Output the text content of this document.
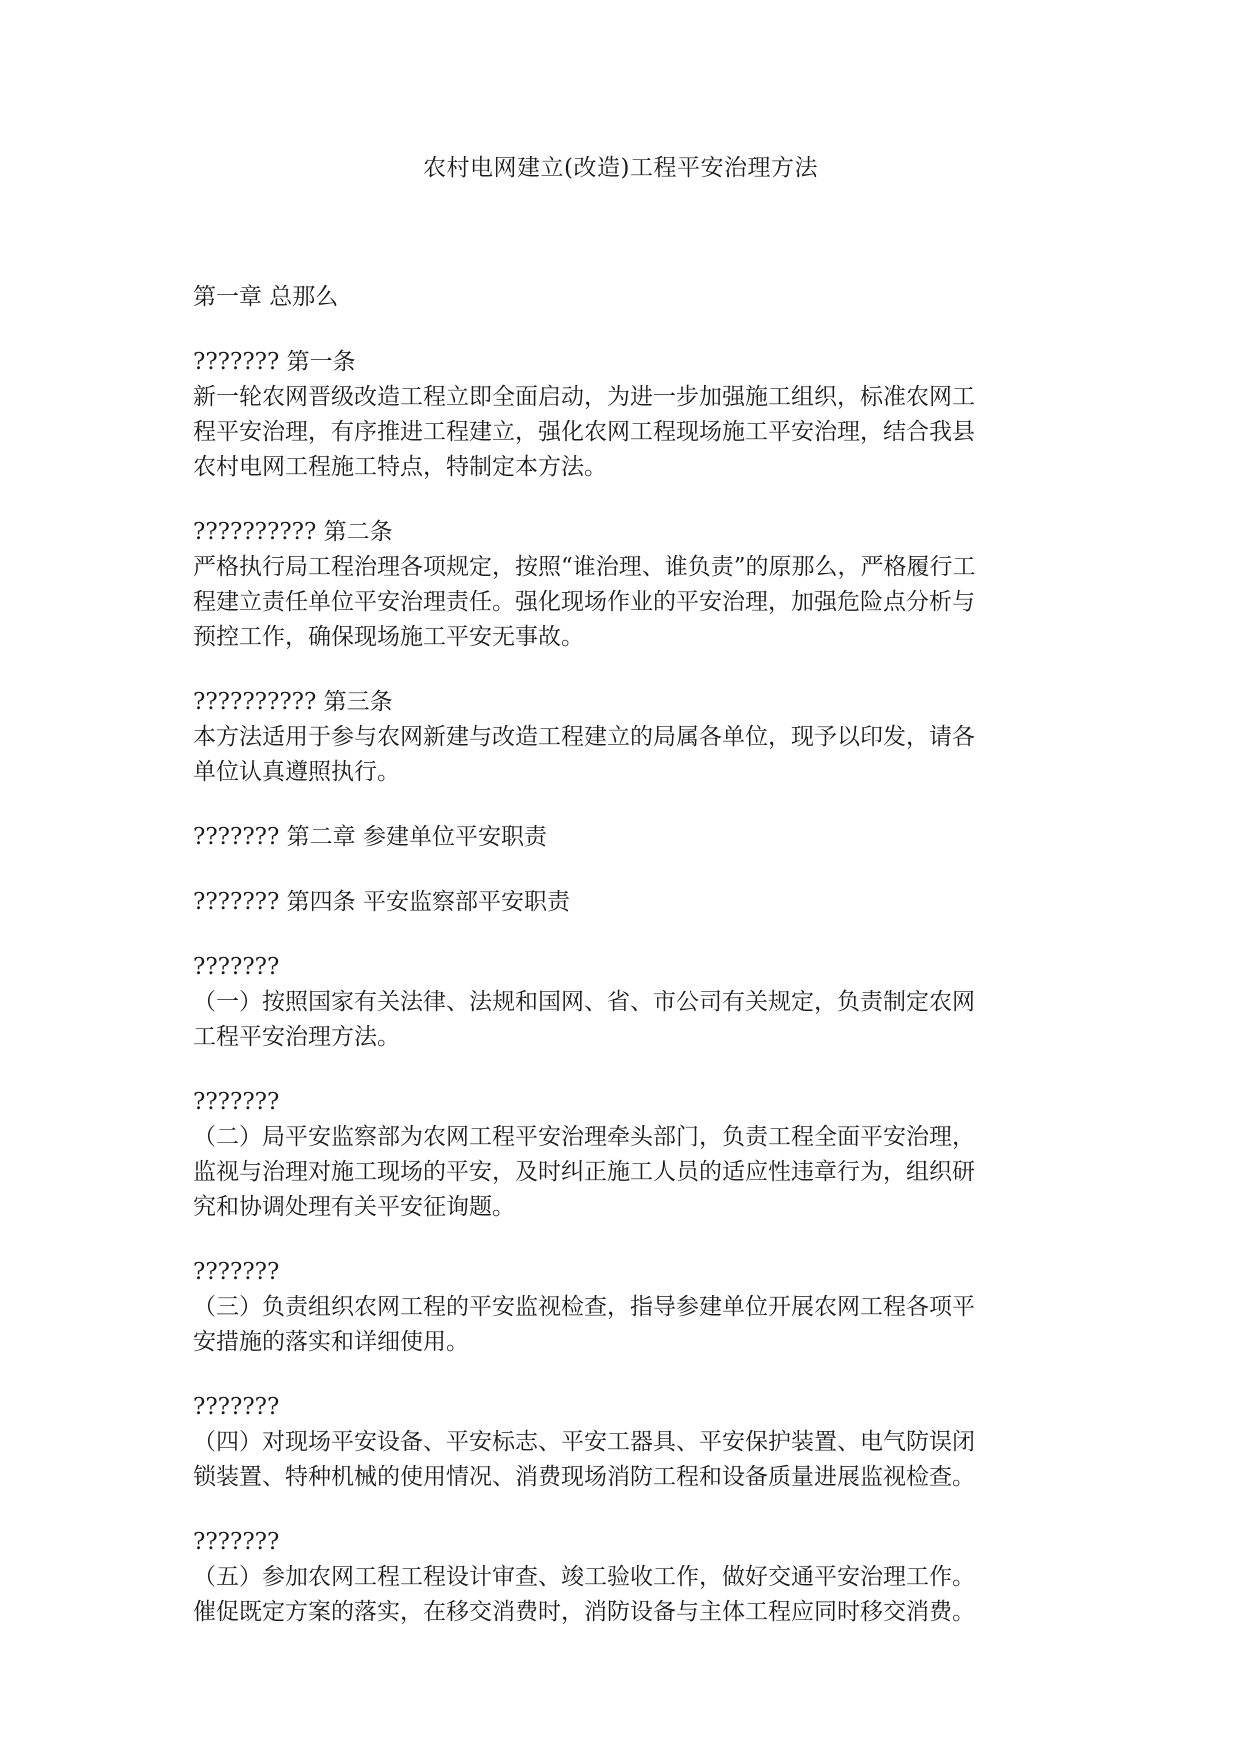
农村电网建立(改造)工程平安治理方法
第一章 总那么
??????? 第一条
新一轮农网晋级改造工程立即全面启动，为进一步加强施工组织，标准农网工
程平安治理，有序推进工程建立，强化农网工程现场施工平安治理，结合我县
农村电网工程施工特点，特制定本方法。
?????????? 第二条
严格执行局工程治理各项规定，按照“谁治理、谁负责”的原那么，严格履行工
程建立责任单位平安治理责任。强化现场作业的平安治理，加强危险点分析与
预控工作，确保现场施工平安无事故。
?????????? 第三条
本方法适用于参与农网新建与改造工程建立的局属各单位，现予以印发，请各
单位认真遵照执行。
??????? 第二章 参建单位平安职责
??????? 第四条 平安监察部平安职责
???????
（一）按照国家有关法律、法规和国网、省、市公司有关规定，负责制定农网
工程平安治理方法。
???????
（二）局平安监察部为农网工程平安治理牵头部门，负责工程全面平安治理，
监视与治理对施工现场的平安，及时纠正施工人员的适应性违章行为，组织研
究和协调处理有关平安征询题。
???????
（三）负责组织农网工程的平安监视检查，指导参建单位开展农网工程各项平
安措施的落实和详细使用。
???????
（四）对现场平安设备、平安标志、平安工器具、平安保护装置、电气防误闭
锁装置、特种机械的使用情况、消费现场消防工程和设备质量进展监视检查。
???????
（五）参加农网工程工程设计审查、竣工验收工作，做好交通平安治理工作。
催促既定方案的落实，在移交消费时，消防设备与主体工程应同时移交消费。
